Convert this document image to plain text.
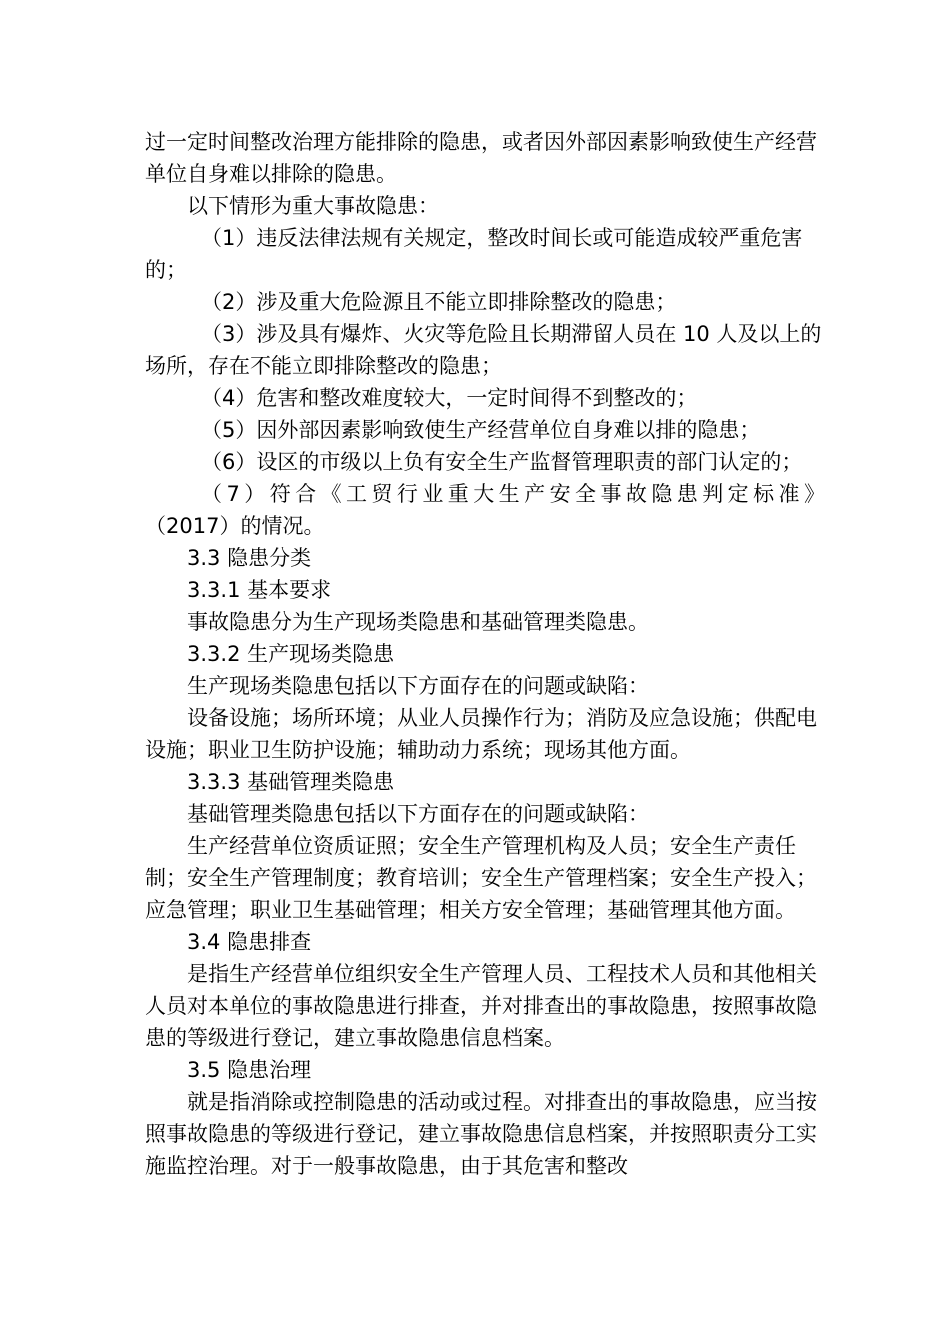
过一定时间整改治理方能排除的隐患，或者因外部因素影响致使生产经营单位自身难以排除的隐患。

以下情形为重大事故隐患：

（1）违反法律法规有关规定，整改时间长或可能造成较严重危害的；

（2）涉及重大危险源且不能立即排除整改的隐患；

（3）涉及具有爆炸、火灾等危险且长期滞留人员在 10 人及以上的场所，存在不能立即排除整改的隐患；

（4）危害和整改难度较大，一定时间得不到整改的；

（5）因外部因素影响致使生产经营单位自身难以排的隐患；

（6）设区的市级以上负有安全生产监督管理职责的部门认定的；

（7）符合《工贸行业重大生产安全事故隐患判定标准》

（2017）的情况。

3.3 隐患分类

3.3.1 基本要求

事故隐患分为生产现场类隐患和基础管理类隐患。

3.3.2 生产现场类隐患

生产现场类隐患包括以下方面存在的问题或缺陷：

设备设施；场所环境；从业人员操作行为；消防及应急设施；供配电设施；职业卫生防护设施；辅助动力系统；现场其他方面。

3.3.3 基础管理类隐患

基础管理类隐患包括以下方面存在的问题或缺陷：

生产经营单位资质证照；安全生产管理机构及人员；安全生产责任制；安全生产管理制度；教育培训；安全生产管理档案；安全生产投入；应急管理；职业卫生基础管理；相关方安全管理；基础管理其他方面。

3.4 隐患排查

是指生产经营单位组织安全生产管理人员、工程技术人员和其他相关人员对本单位的事故隐患进行排查，并对排查出的事故隐患，按照事故隐患的等级进行登记，建立事故隐患信息档案。

3.5 隐患治理

就是指消除或控制隐患的活动或过程。对排查出的事故隐患，应当按照事故隐患的等级进行登记，建立事故隐患信息档案，并按照职责分工实施监控治理。对于一般事故隐患，由于其危害和整改
